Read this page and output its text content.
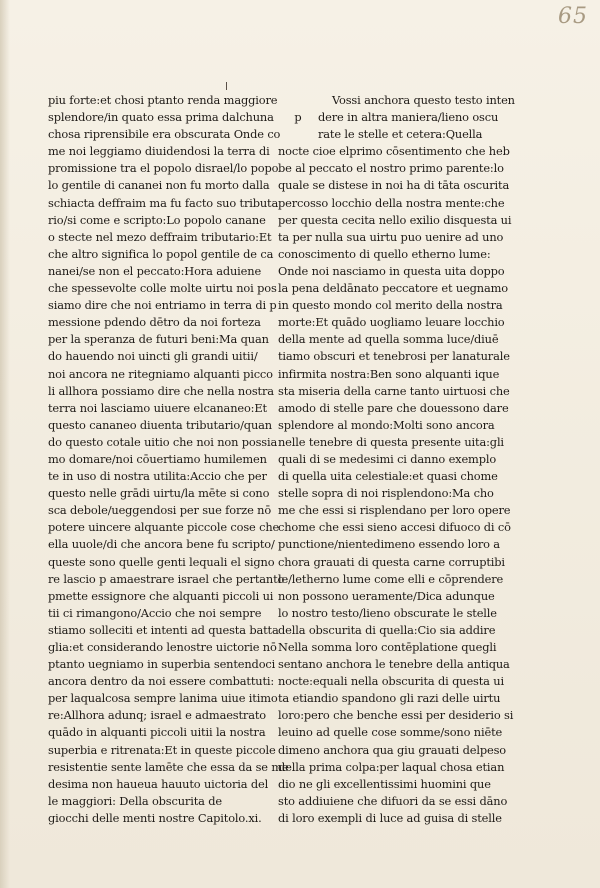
65
piu forte:et chosi ptanto renda maggiore
splendore/in quato essa prima dalchuna
chosa riprensibile era obscurata Onde co
me noi leggiamo diuidendosi la terra di
promissione tra el popolo disrael/lo popo
lo gentile di cananei non fu morto dalla
schiacta deffraim ma fu facto suo tributa
rio/si come e scripto:Lo popolo canane
o stecte nel mezo deffraim tributario:Et
che altro significa lo popol gentile de ca
nanei/se non el peccato:Hora aduiene
che spessevolte colle molte uirtu noi pos
siamo dire che noi entriamo in terra di p
messione pdendo dētro da noi forteza
per la speranza de futuri beni:Ma quan
do hauendo noi uincti gli grandi uitii/
noi ancora ne ritegniamo alquanti picco
li allhora possiamo dire che nella nostra
terra noi lasciamo uiuere elcananeo:Et
questo cananeo diuenta tributario/quan
do questo cotale uitio che noi non possia
mo domare/noi cōuertiamo humilemen
te in uso di nostra utilita:Accio che per
questo nelle grādi uirtu/la mēte si cono
sca debole/ueggendosi per sue forze nō
potere uincere alquante piccole cose che
ella uuole/di che ancora bene fu scripto/
queste sono quelle genti lequali el signo
re lascio p amaestrare israel che pertanto
pmette essignore che alquanti piccoli ui
tii ci rimangono/Accio che noi sempre
stiamo solleciti et intenti ad questa batta
glia:et considerando lenostre uictorie nō
ptanto uegniamo in superbia sentendoci
ancora dentro da noi essere combattuti:
per laqualcosa sempre lanima uiue itimo
re:Allhora adunq; israel e admaestrato
quādo in alquanti piccoli uitii la nostra
superbia e ritrenata:Et in queste piccole
resistentie sente lamēte che essa da se me
desima non haueua hauuto uictoria del
le maggiori: Della obscurita de
giocchi delle menti nostre Capitolo.xi.
Vossi anchora questo testo inten
p dere in altra maniera/lieno oscu
rate le stelle et cetera:Quella
nocte cioe elprimo cōsentimento che heb
be al peccato el nostro primo parente:lo
quale se distese in noi ha di tāta oscurita
percosso locchio della nostra mente:che
per questa cecita nello exilio disquesta ui
ta per nulla sua uirtu puo uenire ad uno
conoscimento di quello etherno lume:
Onde noi nasciamo in questa uita doppo
la pena deldānato peccatore et uegnamo
in questo mondo col merito della nostra
morte:Et quādo uogliamo leuare locchio
della mente ad quella somma luce/diuē
tiamo obscuri et tenebrosi per lanaturale
infirmita nostra:Ben sono alquanti ique
sta miseria della carne tanto uirtuosi che
amodo di stelle pare che douessono dare
splendore al mondo:Molti sono ancora
nelle tenebre di questa presente uita:gli
quali di se medesimi ci danno exemplo
di quella uita celestiale:et quasi chome
stelle sopra di noi risplendono:Ma cho
me che essi si risplendano per loro opere
chome che essi sieno accesi difuoco di cō
punctione/nientedimeno essendo loro a
chora grauati di questa carne corruptibi
le/letherno lume come elli e cōprendere
non possono ueramente/Dica adunque
lo nostro testo/lieno obscurate le stelle
della obscurita di quella:Cio sia addire
Nella somma loro contēplatione quegli
sentano anchora le tenebre della antiqua
nocte:equali nella obscurita di questa ui
ta etiandio spandono gli razi delle uirtu
loro:pero che benche essi per desiderio si
leuino ad quelle cose somme/sono niēte
dimeno anchora qua giu grauati delpeso
della prima colpa:per laqual chosa etian
dio ne gli excellentissimi huomini que
sto addiuiene che difuori da se essi dāno
di loro exempli di luce ad guisa di stelle
